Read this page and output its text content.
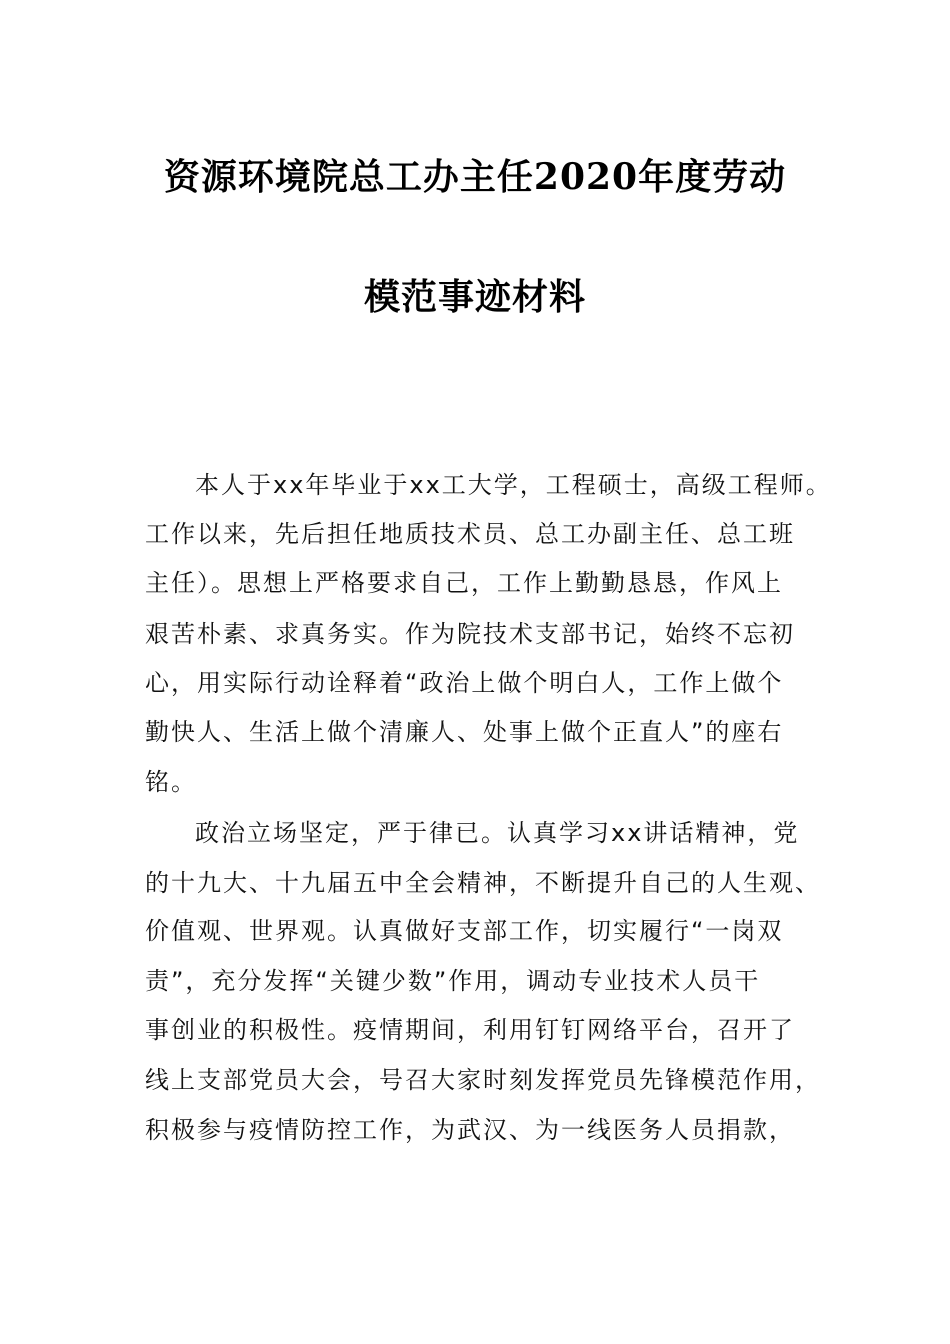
资源环境院总工办主任2020年度劳动
模范事迹材料
本人于xx年毕业于xx工大学，工程硕士，高级工程师。
工作以来，先后担任地质技术员、总工办副主任、总工班
主任）。思想上严格要求自己，工作上勤勤恳恳，作风上
艰苦朴素、求真务实。作为院技术支部书记，始终不忘初
心，用实际行动诠释着“政治上做个明白人，工作上做个
勤快人、生活上做个清廉人、处事上做个正直人”的座右
铭。
政治立场坚定，严于律已。认真学习xx讲话精神，党
的十九大、十九届五中全会精神，不断提升自己的人生观、
价值观、世界观。认真做好支部工作，切实履行“一岗双
责”，充分发挥“关键少数”作用，调动专业技术人员干
事创业的积极性。疫情期间，利用钉钉网络平台，召开了
线上支部党员大会，号召大家时刻发挥党员先锋模范作用，
积极参与疫情防控工作，为武汉、为一线医务人员捐款，
